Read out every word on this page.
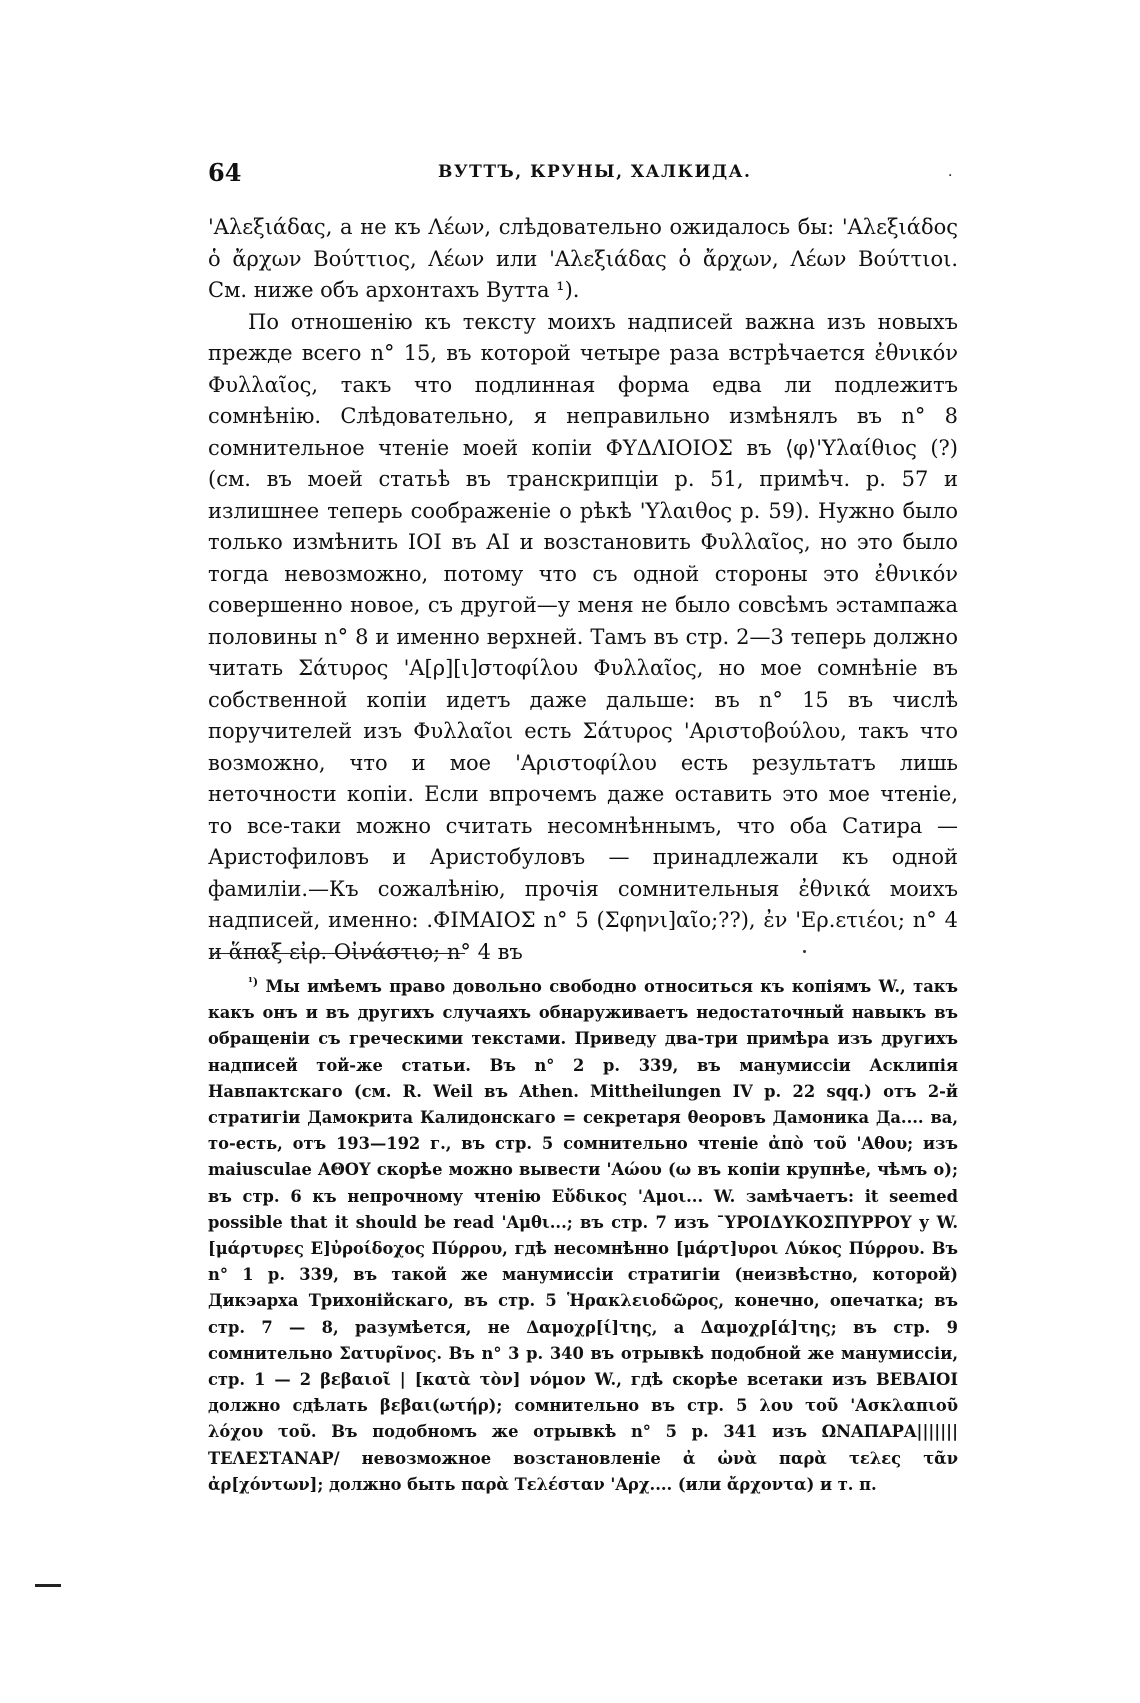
64	ВУТТЪ, КРУНЫ, ХАЛКИДА.	·

'Αλεξιάδας, а не къ Λέων, слѣдовательно ожидалось бы: 'Αλεξιάδος ὁ ἄρχων Βούττιος, Λέων или 'Αλεξιάδας ὁ ἄρχων, Λέων Βούττιοι. См. ниже объ архонтахъ Вутта ¹).

По отношенію къ тексту моихъ надписей важна изъ новыхъ прежде всего n° 15, въ которой четыре раза встрѣчается ἐθνικόν Φυλλαῖος, такъ что подлинная форма едва ли подлежитъ сомнѣнію. Слѣдовательно, я неправильно измѣнялъ въ n° 8 сомнительное чтеніе моей копіи ΦΥΔΛΙΟΙΟΣ въ ⟨φ⟩'Υλαίθιος (?) (см. въ моей статьѣ въ транскрипціи p. 51, примѣч. p. 57 и излишнее теперь соображеніе о рѣкѣ 'Υλαιθος p. 59). Нужно было только измѣнить ΙΟΙ въ ΑΙ и возстановить Φυλλαῖος, но это было тогда невозможно, потому что съ одной стороны это ἐθνικόν совершенно новое, съ другой—у меня не было совсѣмъ эстампажа половины n° 8 и именно верхней. Тамъ въ стр. 2—3 теперь должно читать Σάτυρος 'Α[ρ][ι]στοφίλου Φυλλαῖος, но мое сомнѣніе въ собственной копіи идетъ даже дальше: въ n° 15 въ числѣ поручителей изъ Φυλλαῖοι есть Σάτυρος 'Αριστοβούλου, такъ что возможно, что и мое 'Αριστοφίλου есть результатъ лишь неточности копіи. Если впрочемъ даже оставить это мое чтеніе, то все-таки можно считать несомнѣннымъ, что оба Сатира — Аристофиловъ и Аристобуловъ — принадлежали къ одной фамиліи.—Къ сожалѣнію, прочія сомнительныя ἐθνικά моихъ надписей, именно: .ΦΙΜΑΙΟΣ n° 5 (Σφηνι]αῖο;??), ἐν 'Ερ.ετιέοι; n° 4 и ἅπαξ εἰρ. Οἰνάστιο; n° 4 въ

$^{^1)}$ Мы имѣемъ право довольно свободно относиться къ копіямъ W., такъ какъ онъ и въ другихъ случаяхъ обнаруживаетъ недостаточный навыкъ въ обращеніи съ греческими текстами. Приведу два-три примѣра изъ другихъ надписей той-же статьи. Въ n° 2 p. 339, въ манумиссіи Асклипія Навпактскаго (см. R. Weil въ Athen. Mittheilungen IV p. 22 sqq.) отъ 2-й стратигіи Дамокрита Калидонскаго = секретаря θеоровъ Дамоника Да.... ва, то-есть, отъ 193—192 г., въ стр. 5 сомнительно чтеніе ἀπὸ τοῦ 'Αθου; изъ maiusculae ΑΘΟΥ скорѣе можно вывести 'Αώου (ω въ копіи крупнѣе, чѣмъ ο); въ стр. 6 къ непрочному чтенію Εὔδικος 'Αμοι... W. замѣчаетъ: it seemed possible that it should be read 'Αμθι...; въ стр. 7 изъ ¯ΥΡΟΙΔΥΚΟΣΠΥΡΡΟΥ у W. [μάρτυρες Ε]ὐροίδοχος Πύρρου, гдѣ несомнѣнно [μάρτ]υροι Λύκος Πύρρου. Въ n° 1 p. 339, въ такой же манумиссіи стратигіи (неизвѣстно, которой) Дикэарха Трихонійскаго, въ стр. 5 Ἡρακλειοδῶρος, конечно, опечатка; въ стр. 7 — 8, разумѣется, не Δαμοχρ[ί]της, а Δαμοχρ[ά]της; въ стр. 9 сомнительно Σατυρῖνος. Въ n° 3 p. 340 въ отрывкѣ подобной же манумиссіи, стр. 1 — 2 βεβαιοῖ | [κατὰ τὸν] νόμον W., гдѣ скорѣе всетаки изъ ΒΕΒΑΙΟΙ должно сдѣлать βεβαι(ωτήρ); сомнительно въ стр. 5 λου τοῦ 'Ασκλαπιοῦ λόχου τοῦ. Въ подобномъ же отрывкѣ n° 5 p. 341 изъ ΩΝΑΠΑΡΑ||||||| ΤΕΛΕΣΤΑΝΑΡ/ невозможное возстановленіе ἀ ὠνὰ παρὰ τελες τᾶν ἀρ[χόντων]; должно быть παρὰ Τελέσταν 'Αρχ.... (или ἄρχοντα) и т. п.
